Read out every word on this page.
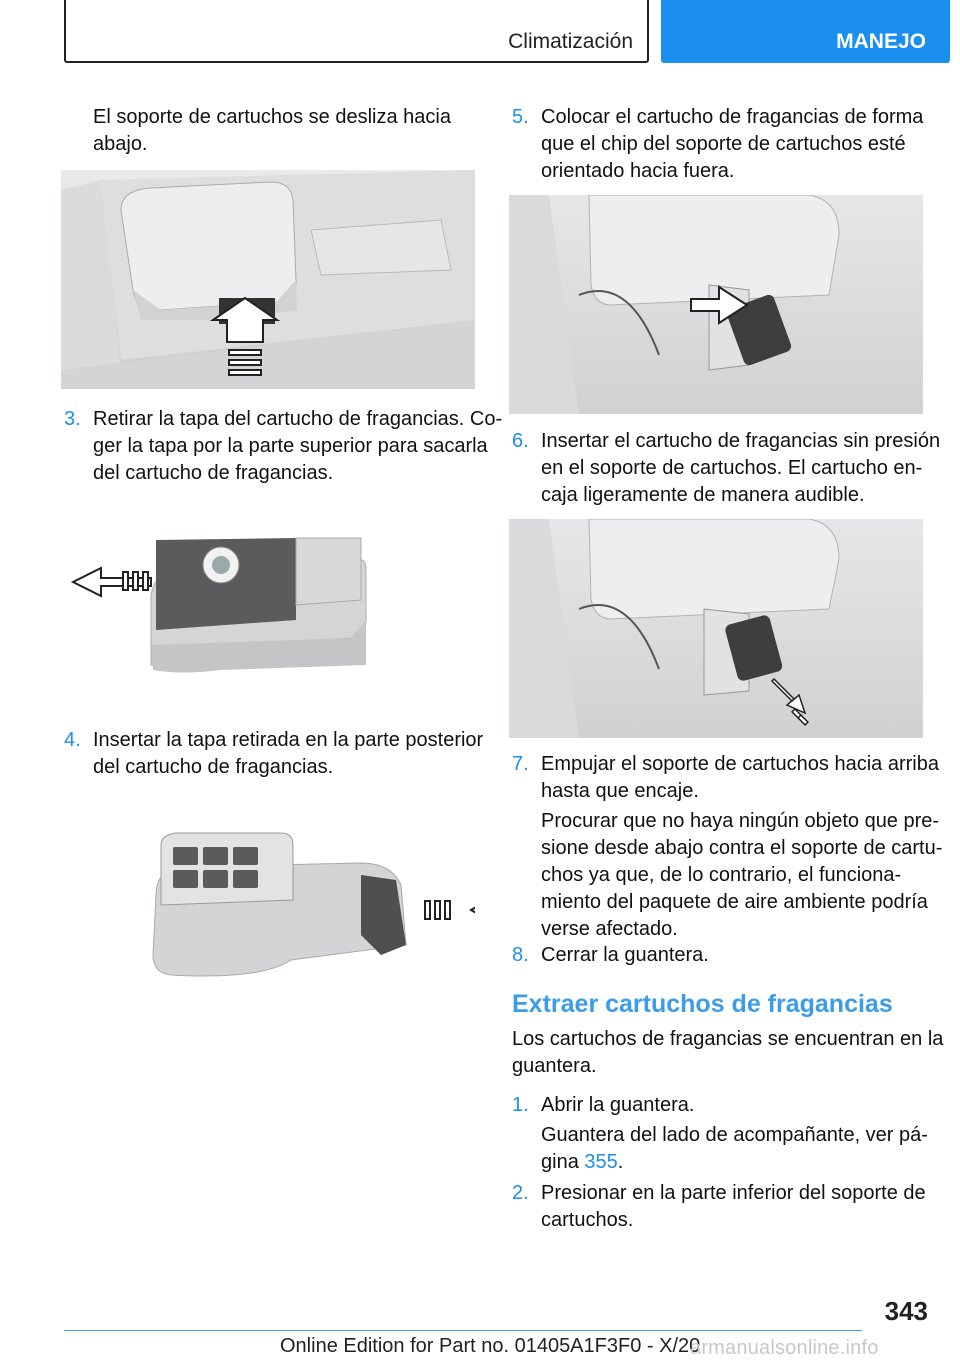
Climatización	MANEJO
El soporte de cartuchos se desliza hacia
abajo.
3. Retirar la tapa del cartucho de fragancias. Co-
ger la tapa por la parte superior para sacarla
del cartucho de fragancias.
4. Insertar la tapa retirada en la parte posterior
del cartucho de fragancias.
5. Colocar el cartucho de fragancias de forma
que el chip del soporte de cartuchos esté
orientado hacia fuera.
6. Insertar el cartucho de fragancias sin presión
en el soporte de cartuchos. El cartucho en-
caja ligeramente de manera audible.
7. Empujar el soporte de cartuchos hacia arriba
hasta que encaje.
Procurar que no haya ningún objeto que pre-
sione desde abajo contra el soporte de cartu-
chos ya que, de lo contrario, el funciona-
miento del paquete de aire ambiente podría
verse afectado.
8. Cerrar la guantera.
Extraer cartuchos de fragancias
Los cartuchos de fragancias se encuentran en la
guantera.
1. Abrir la guantera.
Guantera del lado de acompañante, ver pá-
gina 355.
2. Presionar en la parte inferior del soporte de
cartuchos.
343
Online Edition for Part no. 01405A1F3F0 - X/20
armanualsonline.info
